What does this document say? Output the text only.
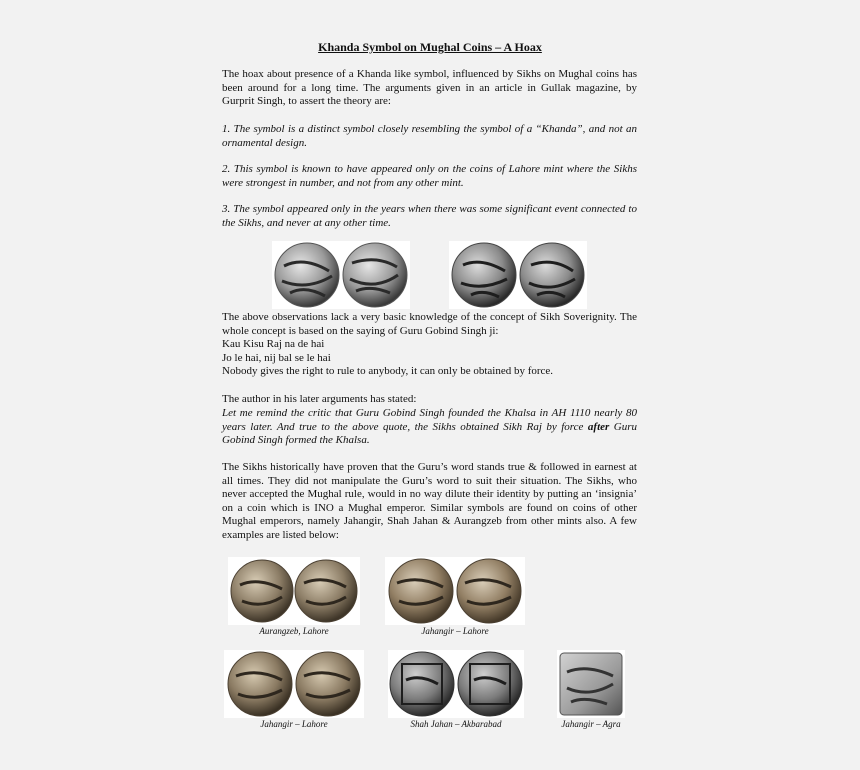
Khanda Symbol on Mughal Coins – A Hoax

The hoax about presence of a Khanda like symbol, influenced by Sikhs on Mughal coins has been around for a long time. The arguments given in an article in Gullak magazine, by Gurprit Singh, to assert the theory are:

1. The symbol is a distinct symbol closely resembling the symbol of a “Khanda”, and not an ornamental design.

2. This symbol is known to have appeared only on the coins of Lahore mint where the Sikhs were strongest in number, and not from any other mint.

3. The symbol appeared only in the years when there was some significant event connected to the Sikhs, and never at any other time.

The above observations lack a very basic knowledge of the concept of Sikh Soverignity. The whole concept is based on the saying of Guru Gobind Singh ji:

Kau Kisu Raj na de hai
Jo le hai, nij bal se le hai
Nobody gives the right to rule to anybody, it can only be obtained by force.

The author in his later arguments has stated:

Let me remind the critic that Guru Gobind Singh founded the Khalsa in AH 1110 nearly 80 years later. And true to the above quote, the Sikhs obtained Sikh Raj by force after Guru Gobind Singh formed the Khalsa.

The Sikhs historically have proven that the Guru’s word stands true & followed in earnest at all times. They did not manipulate the Guru’s word to suit their situation. The Sikhs, who never accepted the Mughal rule, would in no way dilute their identity by putting an ‘insignia’ on a coin which is INO a Mughal emperor. Similar symbols are found on coins of other Mughal emperors, namely Jahangir, Shah Jahan & Aurangzeb from other mints also. A few examples are listed below:

Aurangzeb, Lahore	Jahangir – Lahore
Jahangir – Lahore	Shah Jahan – Akbarabad	Jahangir – Agra
